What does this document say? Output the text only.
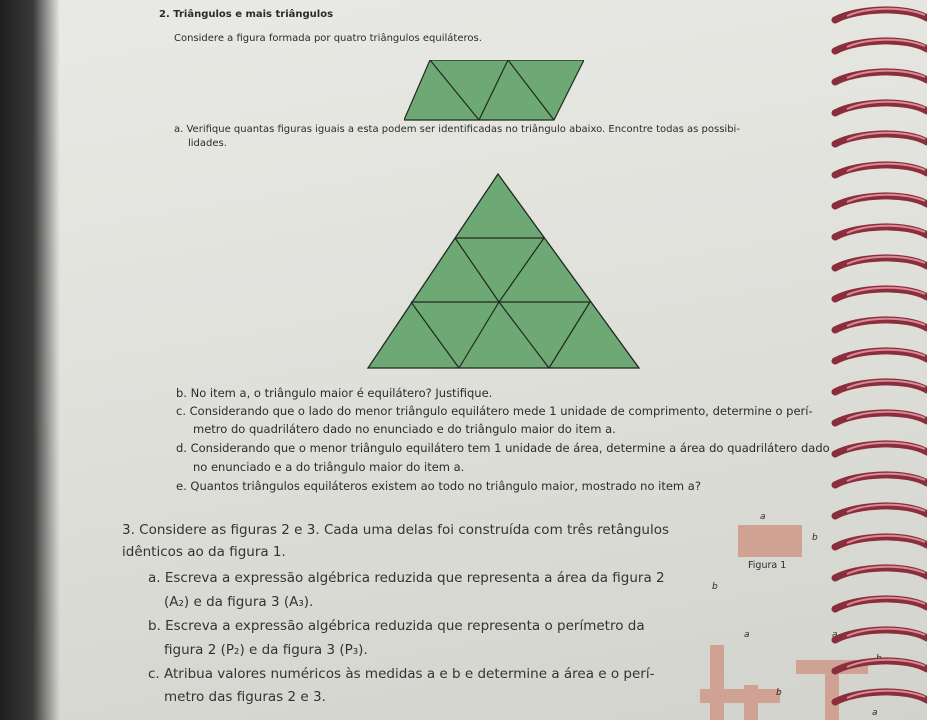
2. Triângulos e mais triângulos
Considere a figura formada por quatro triângulos equiláteros.
a. Verifique quantas figuras iguais a esta podem ser identificadas no triângulo abaixo. Encontre todas as possibi-
lidades.
b. No item a, o triângulo maior é equilátero? Justifique.
c. Considerando que o lado do menor triângulo equilátero mede 1 unidade de comprimento, determine o perí-
metro do quadrilátero dado no enunciado e do triângulo maior do item a.
d. Considerando que o menor triângulo equilátero tem 1 unidade de área, determine a área do quadrilátero dado
no enunciado e a do triângulo maior do item a.
e. Quantos triângulos equiláteros existem ao todo no triângulo maior, mostrado no item a?
3. Considere as figuras 2 e 3. Cada uma delas foi construída com três retângulos
idênticos ao da figura 1.
a. Escreva a expressão algébrica reduzida que representa a área da figura 2
(A₂) e da figura 3 (A₃).
b. Escreva a expressão algébrica reduzida que representa o perímetro da
figura 2 (P₂) e da figura 3 (P₃).
c. Atribua valores numéricos às medidas a e b e determine a área e o perí-
metro das figuras 2 e 3.
a
b
Figura 1
b
a
b
a
b
a
